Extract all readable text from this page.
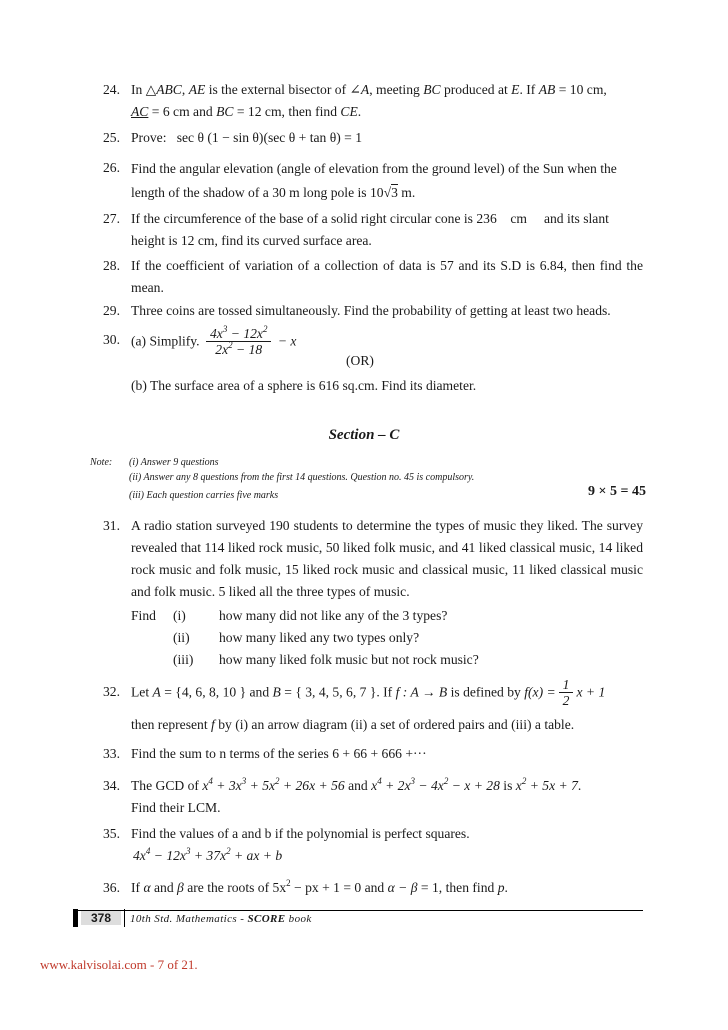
24. In △ABC, AE is the external bisector of ∠A, meeting BC produced at E. If AB = 10 cm,
AC = 6 cm and BC = 12 cm, then find CE.
25. Prove: sec θ (1 − sin θ)(sec θ + tan θ) = 1
26. Find the angular elevation (angle of elevation from the ground level) of the Sun when the
length of the shadow of a 30 m long pole is 10√3 m.
27. If the circumference of the base of a solid right circular cone is 236 cm and its slant
height is 12 cm, find its curved surface area.
28. If the coefficient of variation of a collection of data is 57 and its S.D is 6.84, then find the mean.
29. Three coins are tossed simultaneously. Find the probability of getting at least two heads.
30. (a) Simplify. $\frac{4x^3 - 12x^2}{2x^2 - 18} - x$
(OR)
(b) The surface area of a sphere is 616 sq.cm. Find its diameter.
Section – C
Note: (i) Answer 9 questions
(ii) Answer any 8 questions from the first 14 questions. Question no. 45 is compulsory.
(iii) Each question carries five marks	9 × 5 = 45
31. A radio station surveyed 190 students to determine the types of music they liked. The survey revealed that 114 liked rock music, 50 liked folk music, and 41 liked classical music, 14 liked rock music and folk music, 15 liked rock music and classical music, 11 liked classical music and folk music. 5 liked all the three types of music.
Find	(i)	how many did not like any of the 3 types?
(ii)	how many liked any two types only?
(iii)	how many liked folk music but not rock music?
32. Let A = {4, 6, 8, 10 } and B = { 3, 4, 5, 6, 7 }. If f : A → B is defined by $f(x) = \frac{1}{2}$ x + 1
then represent f by (i) an arrow diagram (ii) a set of ordered pairs and (iii) a table.
33. Find the sum to n terms of the series 6 + 66 + 666 +···
34. The GCD of $x^4 + 3x^3 + 5x^2 + 26x + 56$ and $x^4 + 2x^3 - 4x^2 - x + 28$ is $x^2 + 5x + 7$.
Find their LCM.
35. Find the values of a and b if the polynomial is perfect squares.
$4x^4 - 12x^3 + 37x^2$ + ax + b
36. If α and β are the roots of $5x^2$ − px + 1 = 0 and α − β = 1, then find p.
378	10th Std. Mathematics - SCORE book
www.kalvisolai.com - 7 of 21.
